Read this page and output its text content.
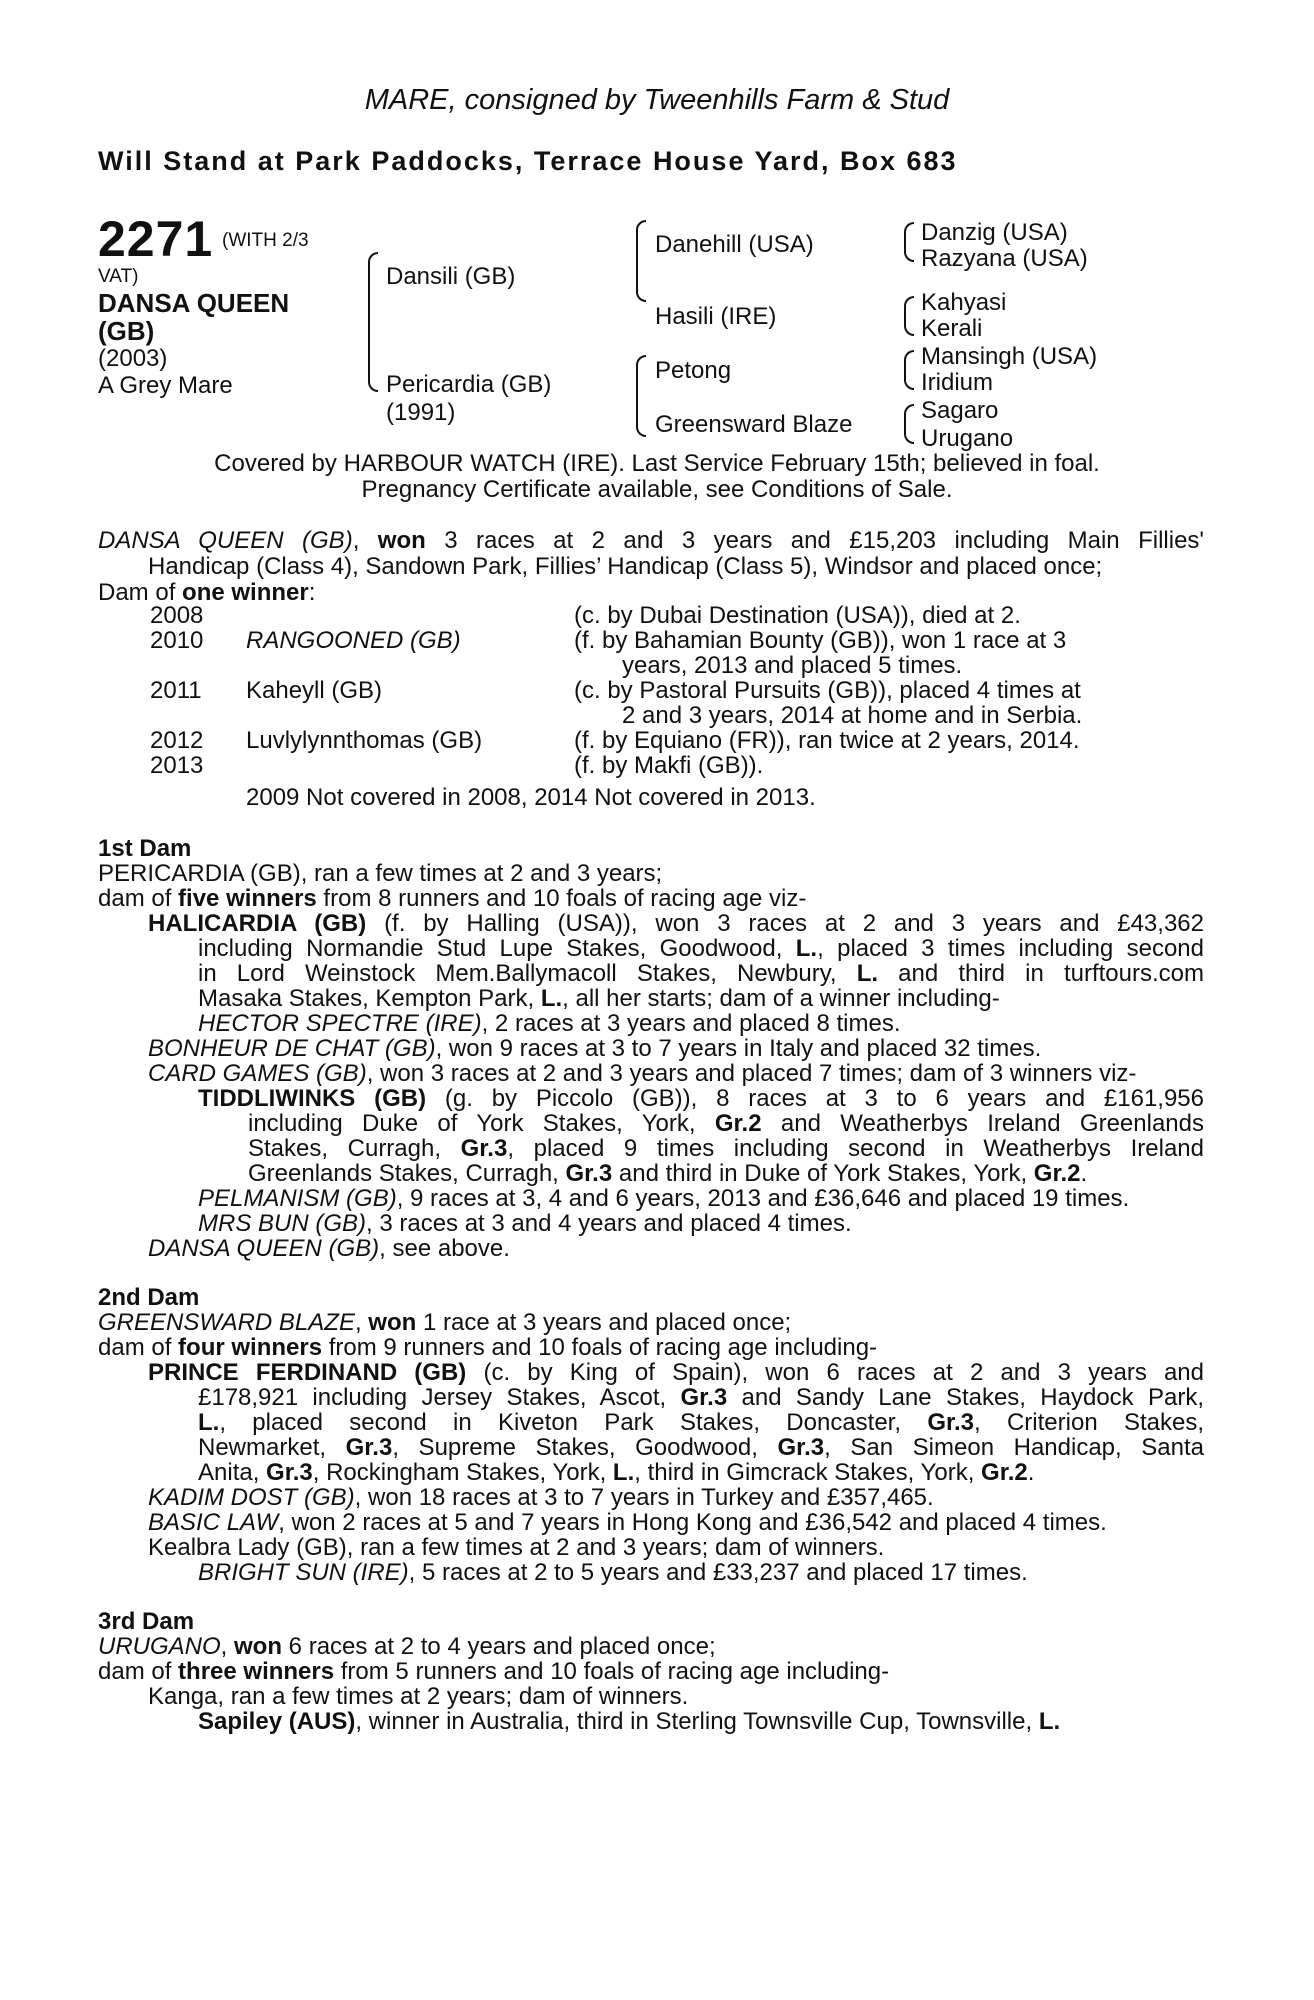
MARE, consigned by Tweenhills Farm & Stud
Will Stand at Park Paddocks, Terrace House Yard, Box 683
2271 (WITH 2/3
VAT)
DANSA QUEEN
(GB)
(2003)
A Grey Mare
Dansili (GB)
Pericardia (GB)
(1991)
Danehill (USA)
Hasili (IRE)
Petong
Greensward Blaze
Danzig (USA)
Razyana (USA)
Kahyasi
Kerali
Mansingh (USA)
Iridium
Sagaro
Urugano
Covered by HARBOUR WATCH (IRE). Last Service February 15th; believed in foal.
Pregnancy Certificate available, see Conditions of Sale.
DANSA QUEEN (GB), won 3 races at 2 and 3 years and £15,203 including Main Fillies'
Handicap (Class 4), Sandown Park, Fillies’ Handicap (Class 5), Windsor and placed once;
Dam of one winner:
2008	(c. by Dubai Destination (USA)), died at 2.
2010 RANGOONED (GB)	(f. by Bahamian Bounty (GB)), won 1 race at 3
years, 2013 and placed 5 times.
2011 Kaheyll (GB)	(c. by Pastoral Pursuits (GB)), placed 4 times at
2 and 3 years, 2014 at home and in Serbia.
2012 Luvlylynnthomas (GB)	(f. by Equiano (FR)), ran twice at 2 years, 2014.
2013	(f. by Makfi (GB)).
2009 Not covered in 2008, 2014 Not covered in 2013.
1st Dam
PERICARDIA (GB), ran a few times at 2 and 3 years;
dam of five winners from 8 runners and 10 foals of racing age viz-
HALICARDIA (GB) (f. by Halling (USA)), won 3 races at 2 and 3 years and £43,362
including Normandie Stud Lupe Stakes, Goodwood, L., placed 3 times including second
in Lord Weinstock Mem.Ballymacoll Stakes, Newbury, L. and third in turftours.com
Masaka Stakes, Kempton Park, L., all her starts; dam of a winner including-
HECTOR SPECTRE (IRE), 2 races at 3 years and placed 8 times.
BONHEUR DE CHAT (GB), won 9 races at 3 to 7 years in Italy and placed 32 times.
CARD GAMES (GB), won 3 races at 2 and 3 years and placed 7 times; dam of 3 winners viz-
TIDDLIWINKS (GB) (g. by Piccolo (GB)), 8 races at 3 to 6 years and £161,956
including Duke of York Stakes, York, Gr.2 and Weatherbys Ireland Greenlands
Stakes, Curragh, Gr.3, placed 9 times including second in Weatherbys Ireland
Greenlands Stakes, Curragh, Gr.3 and third in Duke of York Stakes, York, Gr.2.
PELMANISM (GB), 9 races at 3, 4 and 6 years, 2013 and £36,646 and placed 19 times.
MRS BUN (GB), 3 races at 3 and 4 years and placed 4 times.
DANSA QUEEN (GB), see above.
2nd Dam
GREENSWARD BLAZE, won 1 race at 3 years and placed once;
dam of four winners from 9 runners and 10 foals of racing age including-
PRINCE FERDINAND (GB) (c. by King of Spain), won 6 races at 2 and 3 years and
£178,921 including Jersey Stakes, Ascot, Gr.3 and Sandy Lane Stakes, Haydock Park,
L., placed second in Kiveton Park Stakes, Doncaster, Gr.3, Criterion Stakes,
Newmarket, Gr.3, Supreme Stakes, Goodwood, Gr.3, San Simeon Handicap, Santa
Anita, Gr.3, Rockingham Stakes, York, L., third in Gimcrack Stakes, York, Gr.2.
KADIM DOST (GB), won 18 races at 3 to 7 years in Turkey and £357,465.
BASIC LAW, won 2 races at 5 and 7 years in Hong Kong and £36,542 and placed 4 times.
Kealbra Lady (GB), ran a few times at 2 and 3 years; dam of winners.
BRIGHT SUN (IRE), 5 races at 2 to 5 years and £33,237 and placed 17 times.
3rd Dam
URUGANO, won 6 races at 2 to 4 years and placed once;
dam of three winners from 5 runners and 10 foals of racing age including-
Kanga, ran a few times at 2 years; dam of winners.
Sapiley (AUS), winner in Australia, third in Sterling Townsville Cup, Townsville, L.
